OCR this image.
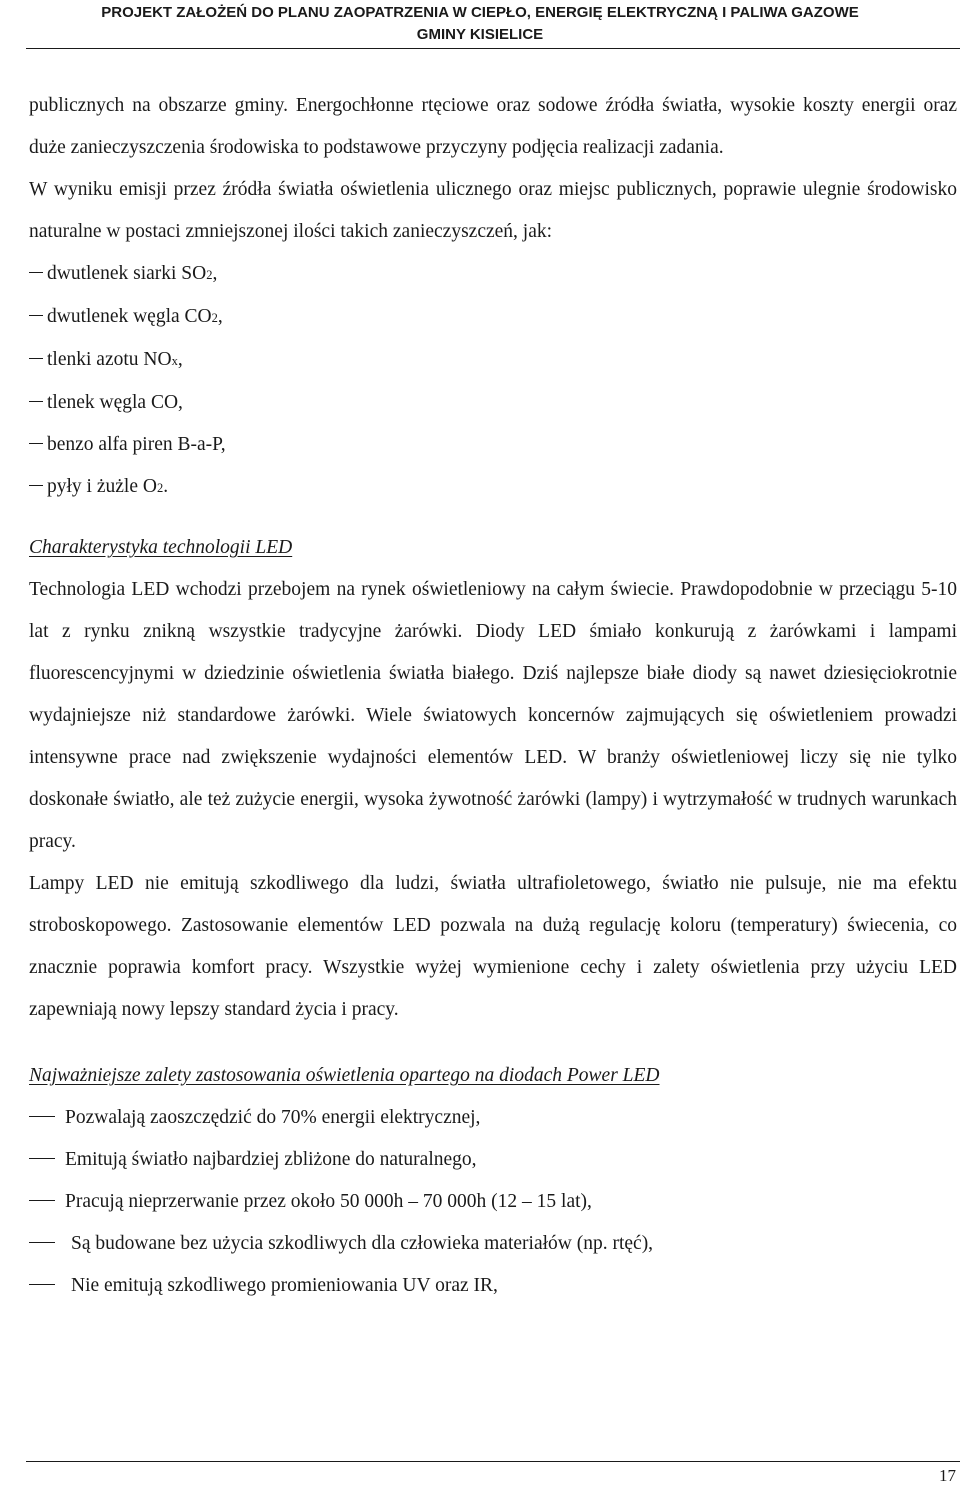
PROJEKT ZAŁOŻEŃ DO PLANU ZAOPATRZENIA W CIEPŁO, ENERGIĘ ELEKTRYCZNĄ I PALIWA GAZOWE
GMINY KISIELICE

publicznych na obszarze gminy. Energochłonne rtęciowe oraz sodowe źródła światła, wysokie koszty energii oraz duże zanieczyszczenia środowiska to podstawowe przyczyny podjęcia realizacji zadania.

W wyniku emisji przez źródła światła oświetlenia ulicznego oraz miejsc publicznych, poprawie ulegnie środowisko naturalne w postaci zmniejszonej ilości takich zanieczyszczeń, jak:

dwutlenek siarki SO2,

dwutlenek węgla CO2,

tlenki azotu NOx,

tlenek węgla CO,

benzo alfa piren B-a-P,

pyły i żużle O2.

Charakterystyka technologii LED

Technologia LED wchodzi przebojem na rynek oświetleniowy na całym świecie. Prawdopodobnie w przeciągu 5-10 lat z rynku znikną wszystkie tradycyjne żarówki. Diody LED śmiało konkurują z żarówkami i lampami fluorescencyjnymi w dziedzinie oświetlenia światła białego. Dziś najlepsze białe diody są nawet dziesięciokrotnie wydajniejsze niż standardowe żarówki. Wiele światowych koncernów zajmujących się oświetleniem prowadzi intensywne prace nad zwiększenie wydajności elementów LED. W branży oświetleniowej liczy się nie tylko doskonałe światło, ale też zużycie energii, wysoka żywotność żarówki (lampy) i wytrzymałość w trudnych warunkach pracy.

Lampy LED nie emitują szkodliwego dla ludzi, światła ultrafioletowego, światło nie pulsuje, nie ma efektu stroboskopowego. Zastosowanie elementów LED pozwala na dużą regulację koloru (temperatury) świecenia, co znacznie poprawia komfort pracy. Wszystkie wyżej wymienione cechy i zalety oświetlenia przy użyciu LED zapewniają nowy lepszy standard życia i pracy.

Najważniejsze zalety zastosowania oświetlenia opartego na diodach Power LED

Pozwalają zaoszczędzić do 70% energii elektrycznej,

Emitują światło najbardziej zbliżone do naturalnego,

Pracują nieprzerwanie przez około 50 000h – 70 000h (12 – 15 lat),

Są budowane bez użycia szkodliwych dla człowieka materiałów (np. rtęć),

Nie emitują szkodliwego promieniowania UV oraz IR,

17
